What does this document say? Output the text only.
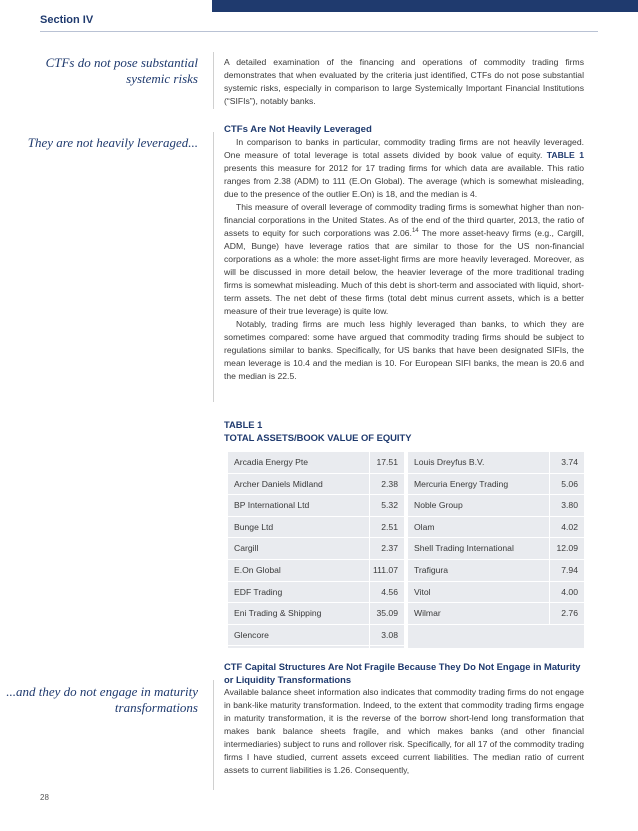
Section IV
CTFs do not pose substantial systemic risks
They are not heavily leveraged...
...and they do not engage in maturity transformations
A detailed examination of the financing and operations of commodity trading firms demonstrates that when evaluated by the criteria just identified, CTFs do not pose substantial systemic risks, especially in comparison to large Systemically Important Financial Institutions (“SIFIs”), notably banks.
CTFs Are Not Heavily Leveraged

In comparison to banks in particular, commodity trading firms are not heavily leveraged. One measure of total leverage is total assets divided by book value of equity. TABLE 1 presents this measure for 2012 for 17 trading firms for which data are available. This ratio ranges from 2.38 (ADM) to 111 (E.On Global). The average (which is somewhat misleading, due to the presence of the outlier E.On) is 18, and the median is 4.

This measure of overall leverage of commodity trading firms is somewhat higher than non-financial corporations in the United States. As of the end of the third quarter, 2013, the ratio of assets to equity for such corporations was 2.06.14 The more asset-heavy firms (e.g., Cargill, ADM, Bunge) have leverage ratios that are similar to those for the US non-financial corporations as a whole: the more asset-light firms are more heavily leveraged. Moreover, as will be discussed in more detail below, the heavier leverage of the more traditional trading firms is somewhat misleading. Much of this debt is short-term and associated with liquid, short-term assets. The net debt of these firms (total debt minus current assets, which is a better measure of their true leverage) is quite low.

Notably, trading firms are much less highly leveraged than banks, to which they are sometimes compared: some have argued that commodity trading firms should be subject to regulations similar to banks. Specifically, for US banks that have been designated SIFIs, the mean leverage is 10.4 and the median is 10. For European SIFI banks, the mean is 20.6 and the median is 22.5.

TABLE 1
TOTAL ASSETS/BOOK VALUE OF EQUITY
Arcadia Energy Pte	17.51
Archer Daniels Midland	2.38
BP International Ltd	5.32
Bunge Ltd	2.51
Cargill	2.37
E.On Global	111.07
EDF Trading	4.56
Eni Trading & Shipping	35.09
Glencore	3.08
Louis Dreyfus B.V.	3.74
Mercuria Energy Trading	5.06
Noble Group	3.80
Olam	4.02
Shell Trading International	12.09
Trafigura	7.94
Vitol	4.00
Wilmar	2.76
CTF Capital Structures Are Not Fragile Because They Do Not Engage in Maturity or Liquidity Transformations
Available balance sheet information also indicates that commodity trading firms do not engage in bank-like maturity transformation. Indeed, to the extent that commodity trading firms engage in maturity transformation, it is the reverse of the borrow short-lend long transformation that makes bank balance sheets fragile, and which makes banks (and other financial intermediaries) subject to runs and rollover risk. Specifically, for all 17 of the commodity trading firms I have studied, current assets exceed current liabilities. The median ratio of current assets to current liabilities is 1.26. Consequently,
28
